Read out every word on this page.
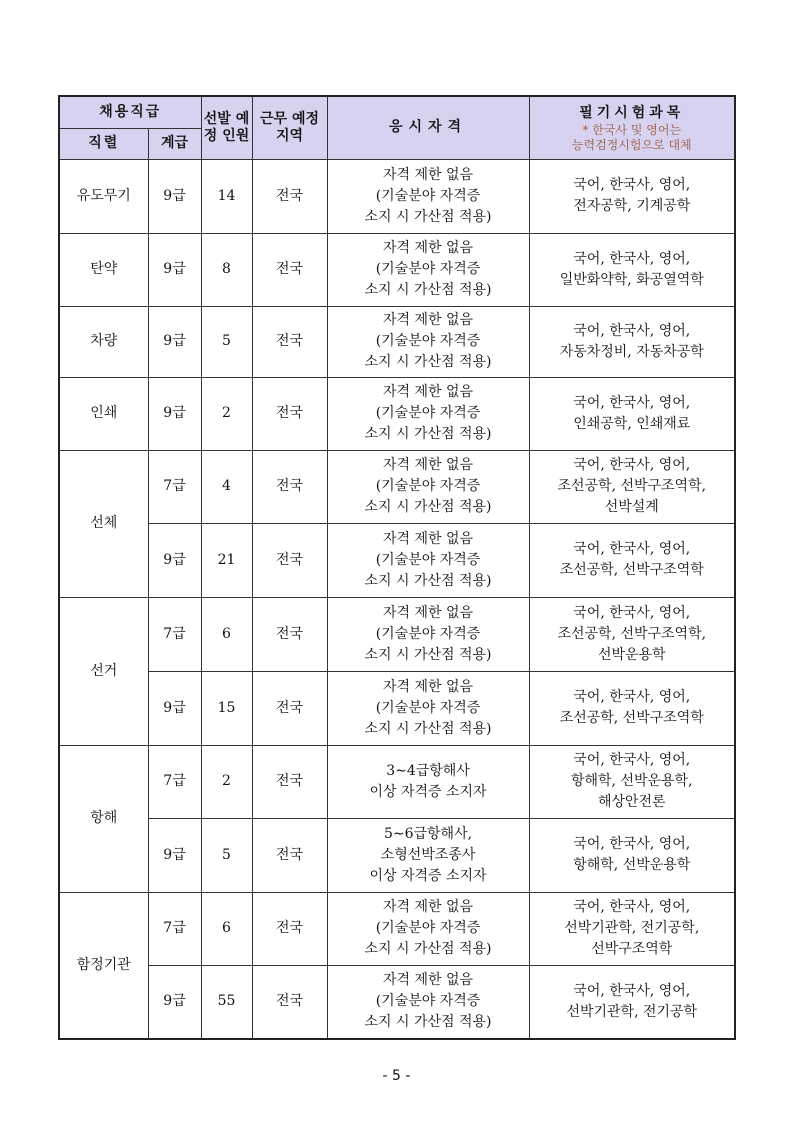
채용직급		선발 예정 인원	근무 예정 지역	응시자격	필기시험과목
* 한국사 및 영어는
능력검정시험으로 대체

직렬	계급				
유도무기	9급	14	전국	자격 제한 없음
(기술분야 자격증
소지 시 가산점 적용)	국어, 한국사, 영어,
전자공학, 기계공학

탄약	9급	8	전국	자격 제한 없음
(기술분야 자격증
소지 시 가산점 적용)	국어, 한국사, 영어,
일반화약학, 화공열역학

차량	9급	5	전국	자격 제한 없음
(기술분야 자격증
소지 시 가산점 적용)	국어, 한국사, 영어,
자동차정비, 자동차공학

인쇄	9급	2	전국	자격 제한 없음
(기술분야 자격증
소지 시 가산점 적용)	국어, 한국사, 영어,
인쇄공학, 인쇄재료

선체	7급	4	전국	자격 제한 없음
(기술분야 자격증
소지 시 가산점 적용)	국어, 한국사, 영어,
조선공학, 선박구조역학,
선박설계

	9급	21	전국	자격 제한 없음
(기술분야 자격증
소지 시 가산점 적용)	국어, 한국사, 영어,
조선공학, 선박구조역학

선거	7급	6	전국	자격 제한 없음
(기술분야 자격증
소지 시 가산점 적용)	국어, 한국사, 영어,
조선공학, 선박구조역학,
선박운용학

	9급	15	전국	자격 제한 없음
(기술분야 자격증
소지 시 가산점 적용)	국어, 한국사, 영어,
조선공학, 선박구조역학

항해	7급	2	전국	3∼4급항해사
이상 자격증 소지자	국어, 한국사, 영어,
항해학, 선박운용학,
해상안전론

	9급	5	전국	5∼6급항해사,
소형선박조종사
이상 자격증 소지자	국어, 한국사, 영어,
항해학, 선박운용학

함정기관	7급	6	전국	자격 제한 없음
(기술분야 자격증
소지 시 가산점 적용)	국어, 한국사, 영어,
선박기관학, 전기공학,
선박구조역학

	9급	55	전국	자격 제한 없음
(기술분야 자격증
소지 시 가산점 적용)	국어, 한국사, 영어,
선박기관학, 전기공학
- 5 -
